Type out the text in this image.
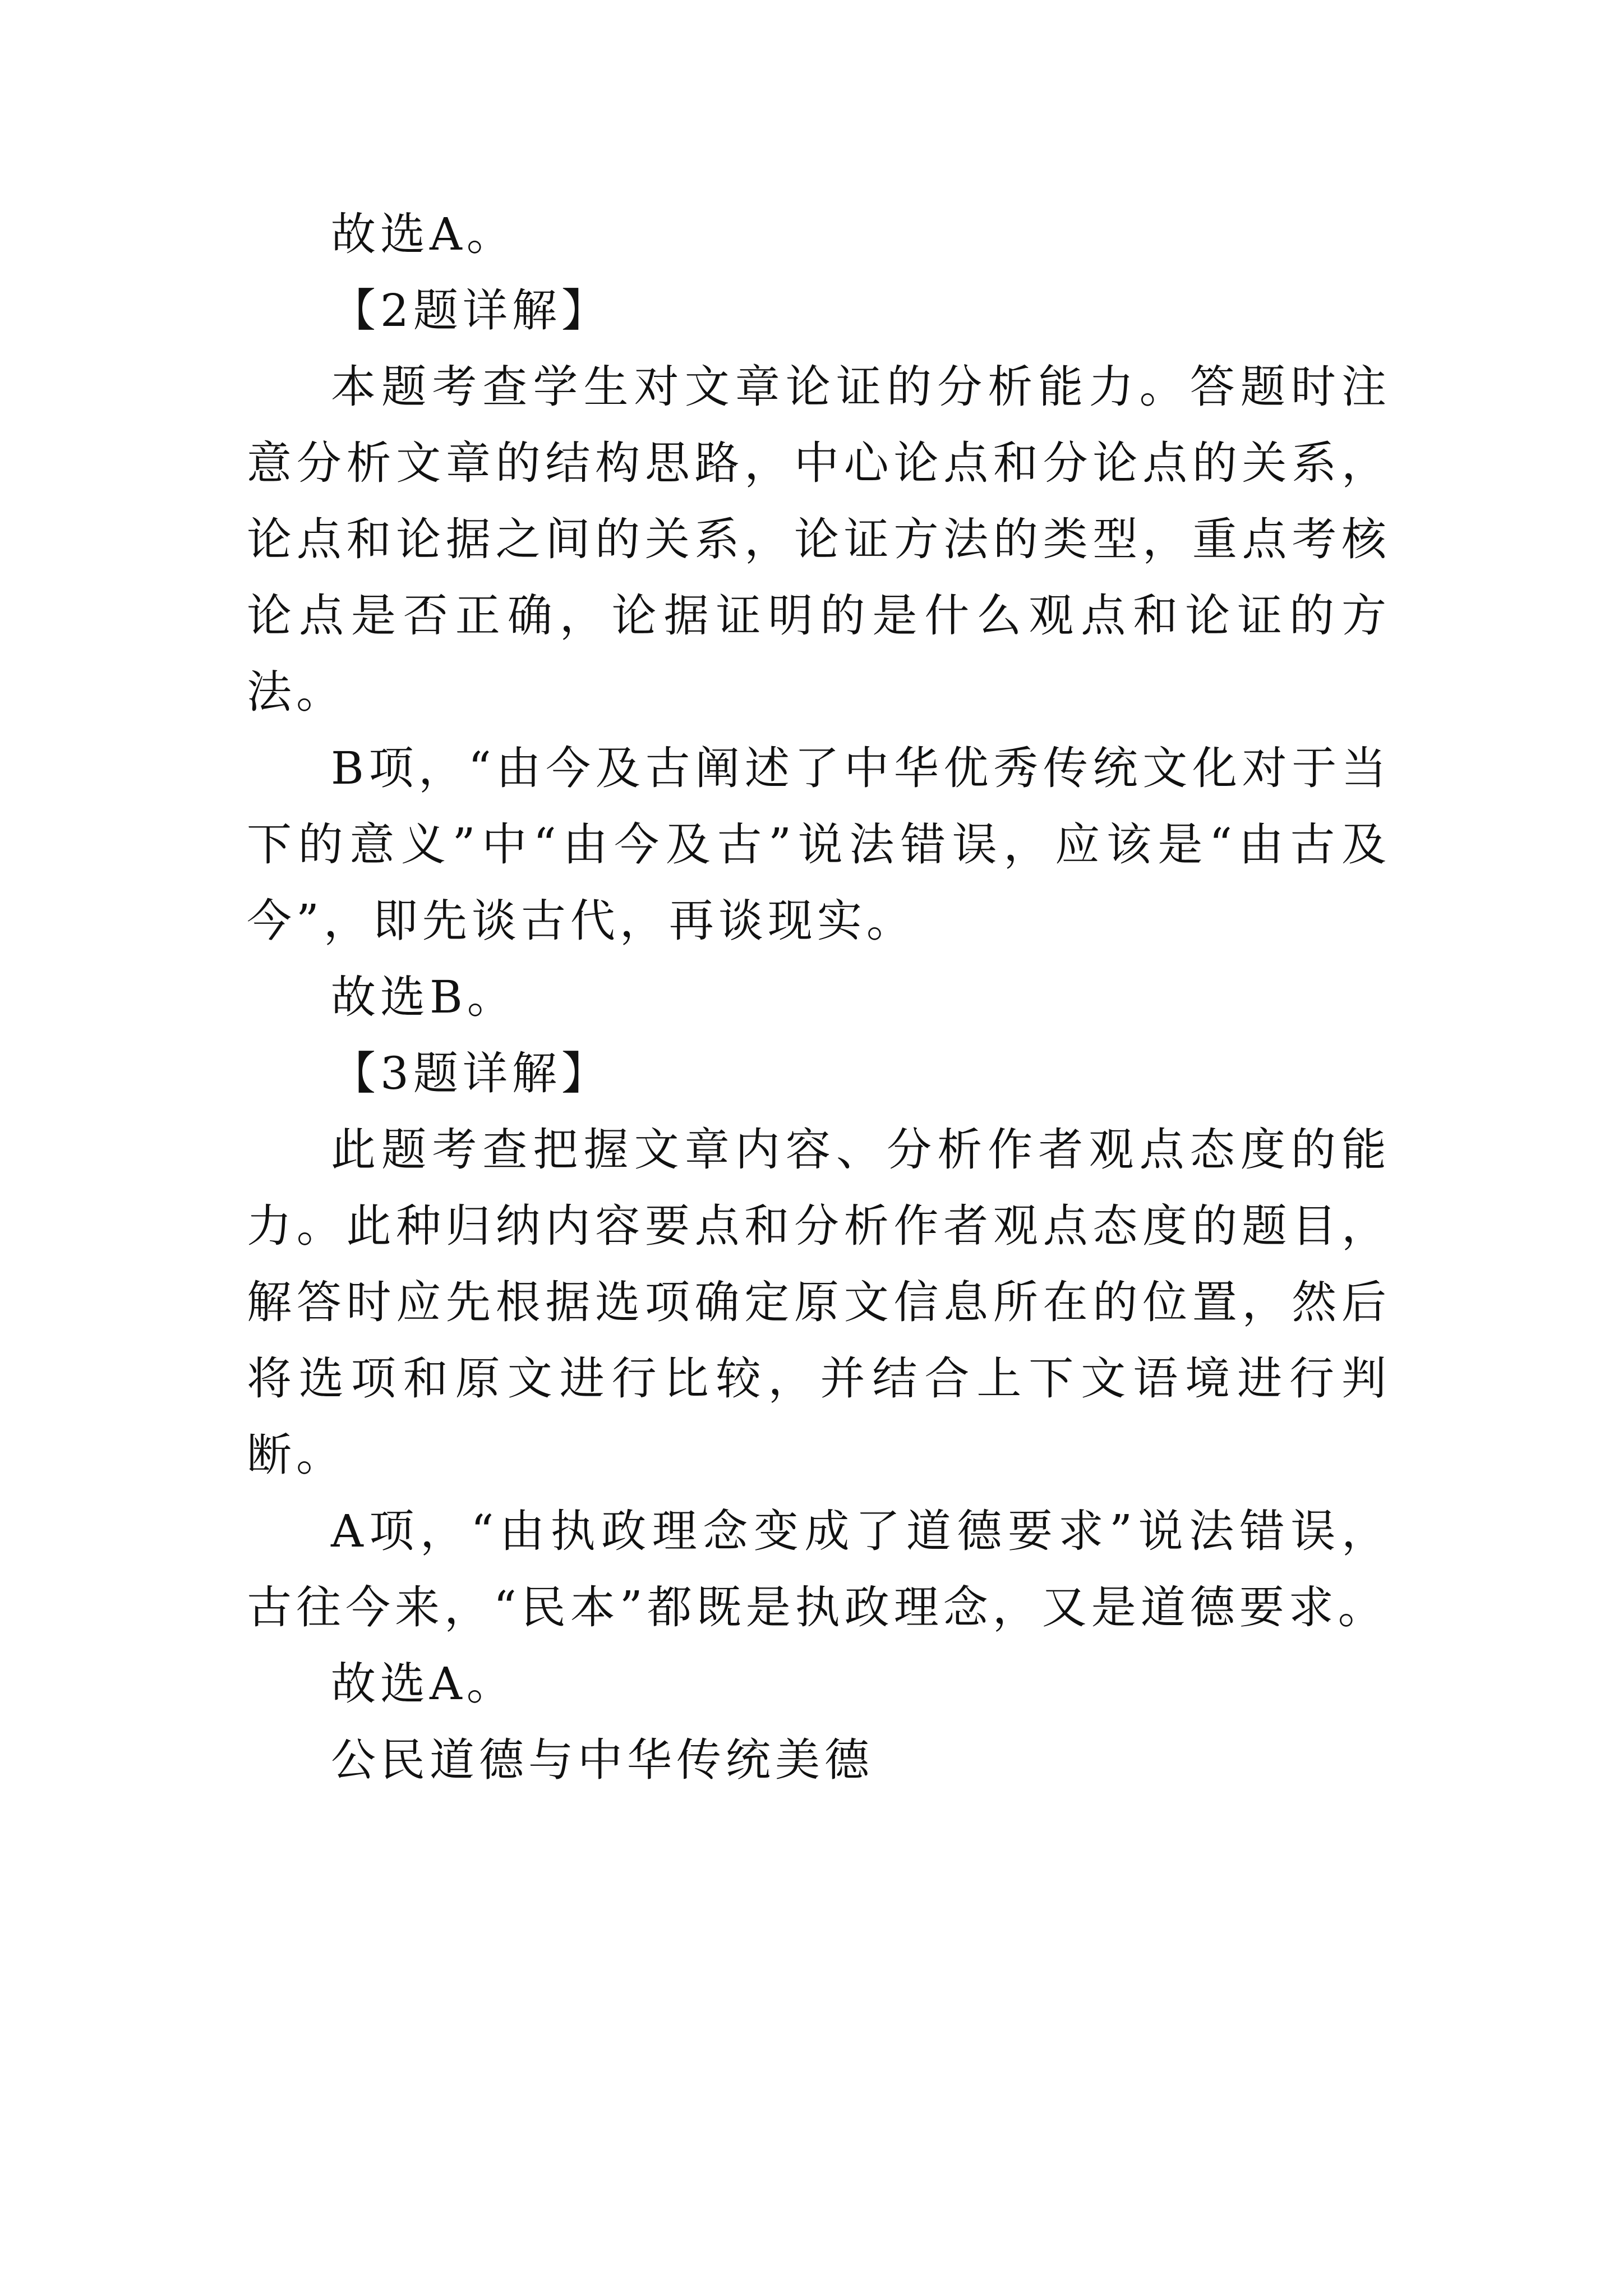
故选A。

【2题详解】

本题考查学生对文章论证的分析能力。答题时注意分析文章的结构思路，中心论点和分论点的关系，论点和论据之间的关系，论证方法的类型，重点考核论点是否正确，论据证明的是什么观点和论证的方法。

B项，“由今及古阐述了中华优秀传统文化对于当下的意义”中“由今及古”说法错误，应该是“由古及今”，即先谈古代，再谈现实。

故选B。

【3题详解】

此题考查把握文章内容、分析作者观点态度的能力。此种归纳内容要点和分析作者观点态度的题目，解答时应先根据选项确定原文信息所在的位置，然后将选项和原文进行比较，并结合上下文语境进行判断。

A项，“由执政理念变成了道德要求”说法错误，古往今来，“民本”都既是执政理念，又是道德要求。

故选A。

公民道德与中华传统美德
